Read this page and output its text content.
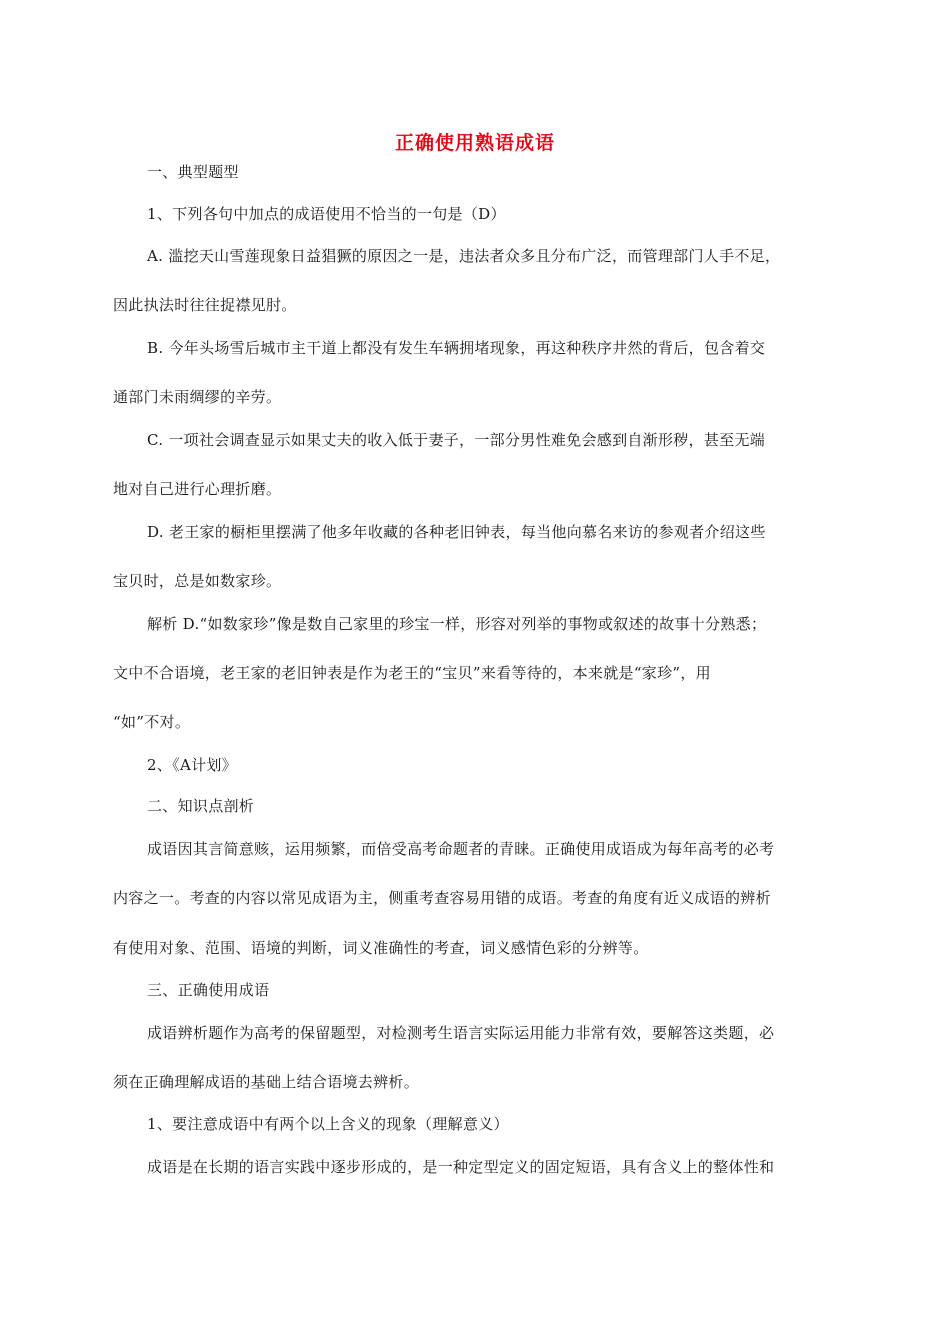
正确使用熟语成语
一、典型题型
1、下列各句中加点的成语使用不恰当的一句是（D）
A. 滥挖天山雪莲现象日益猖獗的原因之一是，违法者众多且分布广泛，而管理部门人手不足，
因此执法时往往捉襟见肘。
B. 今年头场雪后城市主干道上都没有发生车辆拥堵现象，再这种秩序井然的背后，包含着交
通部门未雨绸缪的辛劳。
C. 一项社会调查显示如果丈夫的收入低于妻子，一部分男性难免会感到自渐形秽，甚至无端
地对自己进行心理折磨。
D. 老王家的橱柜里摆满了他多年收藏的各种老旧钟表，每当他向慕名来访的参观者介绍这些
宝贝时，总是如数家珍。
解析 D.“如数家珍”像是数自己家里的珍宝一样，形容对列举的事物或叙述的故事十分熟悉；
文中不合语境，老王家的老旧钟表是作为老王的“宝贝”来看等待的，本来就是“家珍”，用
“如”不对。
2、《A计划》
二、知识点剖析
成语因其言简意赅，运用频繁，而倍受高考命题者的青睐。正确使用成语成为每年高考的必考
内容之一。考查的内容以常见成语为主，侧重考查容易用错的成语。考查的角度有近义成语的辨析
有使用对象、范围、语境的判断，词义准确性的考查，词义感情色彩的分辨等。
三、正确使用成语
成语辨析题作为高考的保留题型，对检测考生语言实际运用能力非常有效，要解答这类题，必
须在正确理解成语的基础上结合语境去辨析。
1、要注意成语中有两个以上含义的现象（理解意义）
成语是在长期的语言实践中逐步形成的，是一种定型定义的固定短语，具有含义上的整体性和
